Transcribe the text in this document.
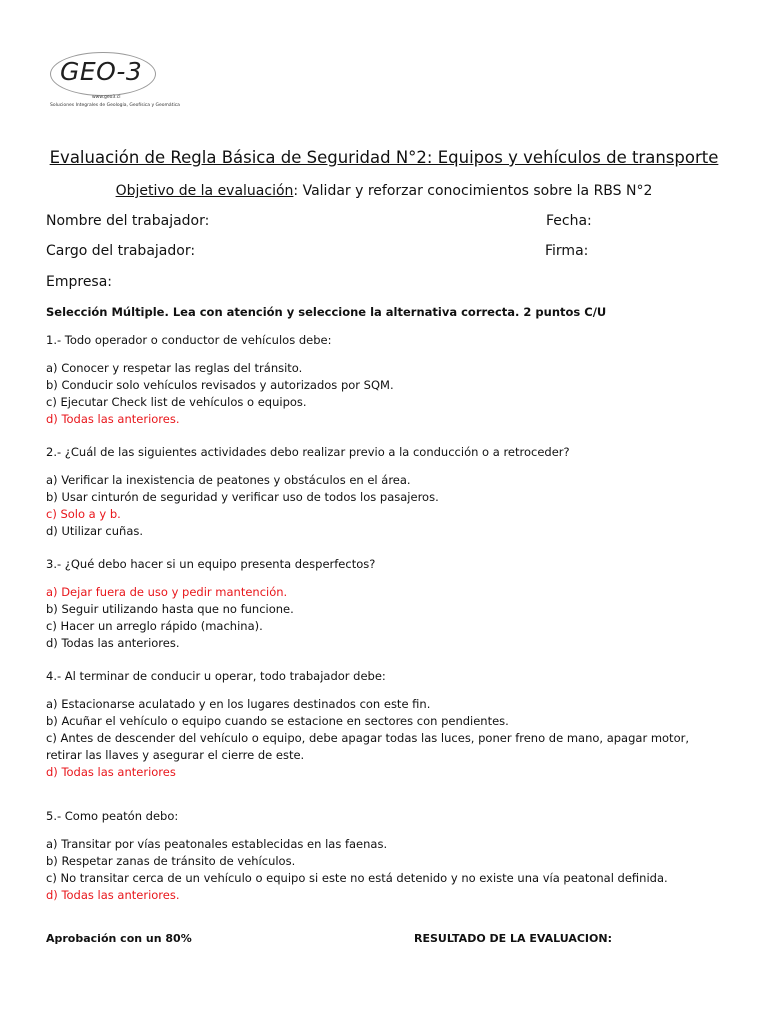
GEO-3
www.geo3.cl
Soluciones Integrales de Geología, Geofísica y Geomática
Evaluación de Regla Básica de Seguridad N°2: Equipos y vehículos de transporte
Objetivo de la evaluación: Validar y reforzar conocimientos sobre la RBS N°2
Nombre del trabajador:	Fecha:
Cargo del trabajador:	Firma:
Empresa:
Selección Múltiple. Lea con atención y seleccione la alternativa correcta. 2 puntos C/U
1.- Todo operador o conductor de vehículos debe:
a) Conocer y respetar las reglas del tránsito.
b) Conducir solo vehículos revisados y autorizados por SQM.
c) Ejecutar Check list de vehículos o equipos.
d) Todas las anteriores.
2.- ¿Cuál de las siguientes actividades debo realizar previo a la conducción o a retroceder?
a) Verificar la inexistencia de peatones y obstáculos en el área.
b) Usar cinturón de seguridad y verificar uso de todos los pasajeros.
c) Solo a y b.
d) Utilizar cuñas.
3.- ¿Qué debo hacer si un equipo presenta desperfectos?
a) Dejar fuera de uso y pedir mantención.
b) Seguir utilizando hasta que no funcione.
c) Hacer un arreglo rápido (machina).
d) Todas las anteriores.
4.- Al terminar de conducir u operar, todo trabajador debe:
a) Estacionarse aculatado y en los lugares destinados con este fin.
b) Acuñar el vehículo o equipo cuando se estacione en sectores con pendientes.
c) Antes de descender del vehículo o equipo, debe apagar todas las luces, poner freno de mano, apagar motor, retirar las llaves y asegurar el cierre de este.
d) Todas las anteriores
5.- Como peatón debo:
a) Transitar por vías peatonales establecidas en las faenas.
b) Respetar zanas de tránsito de vehículos.
c) No transitar cerca de un vehículo o equipo si este no está detenido y no existe una vía peatonal definida.
d) Todas las anteriores.
Aprobación con un 80%	RESULTADO DE LA EVALUACION:
